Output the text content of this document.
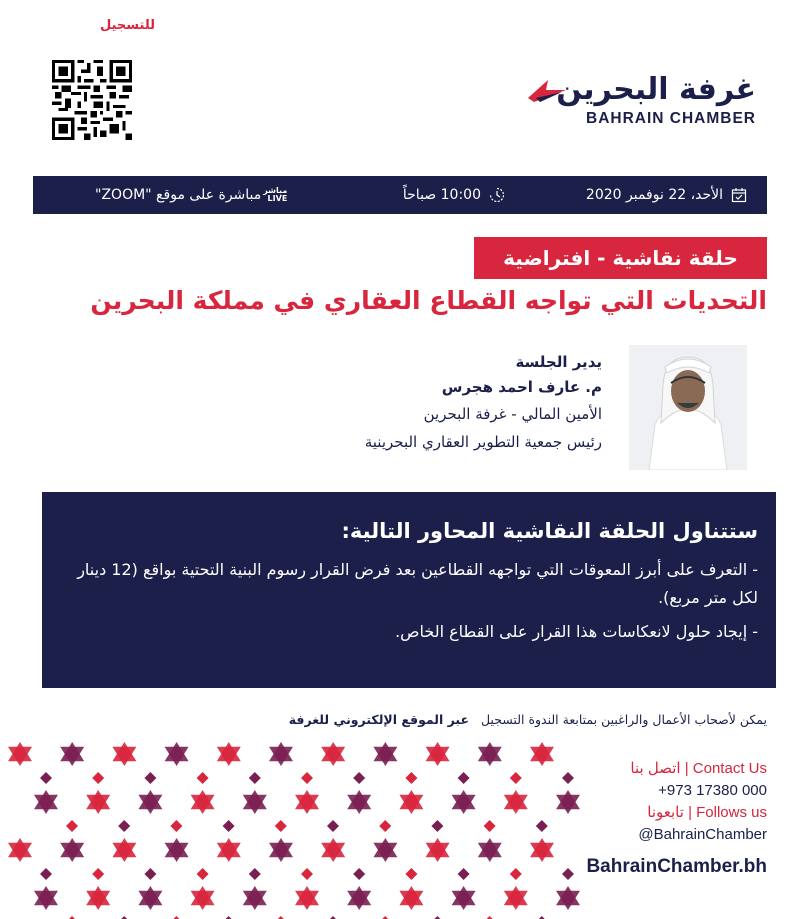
للتسجيل
غرفة البحرين
BAHRAIN CHAMBER
الأحد، 22 نوفمبر 2020
10:00 صباحاً
مباشر
LIVE
مباشرة على موقع "ZOOM"
حلقة نقاشية - افتراضية
التحديات التي تواجه القطاع العقاري في مملكة البحرين
يدير الجلسة
م. عارف احمد هجرس
الأمين المالي - غرفة البحرين
رئيس جمعية التطوير العقاري البحرينية
ستتناول الحلقة النقاشية المحاور التالية:
- التعرف على أبرز المعوقات التي تواجهه القطاعين بعد فرض القرار رسوم البنية التحتية بواقع (12 دينار لكل متر مربع).
- إيجاد حلول لانعكاسات هذا القرار على القطاع الخاص.
يمكن لأصحاب الأعمال والراغبين بمتابعة الندوة التسجيل   عبر الموقع الإلكتروني للغرفة
اتصل بنا | Contact Us
+973 17380 000
تابعونا | Follows us
@BahrainChamber
BahrainChamber.bh
